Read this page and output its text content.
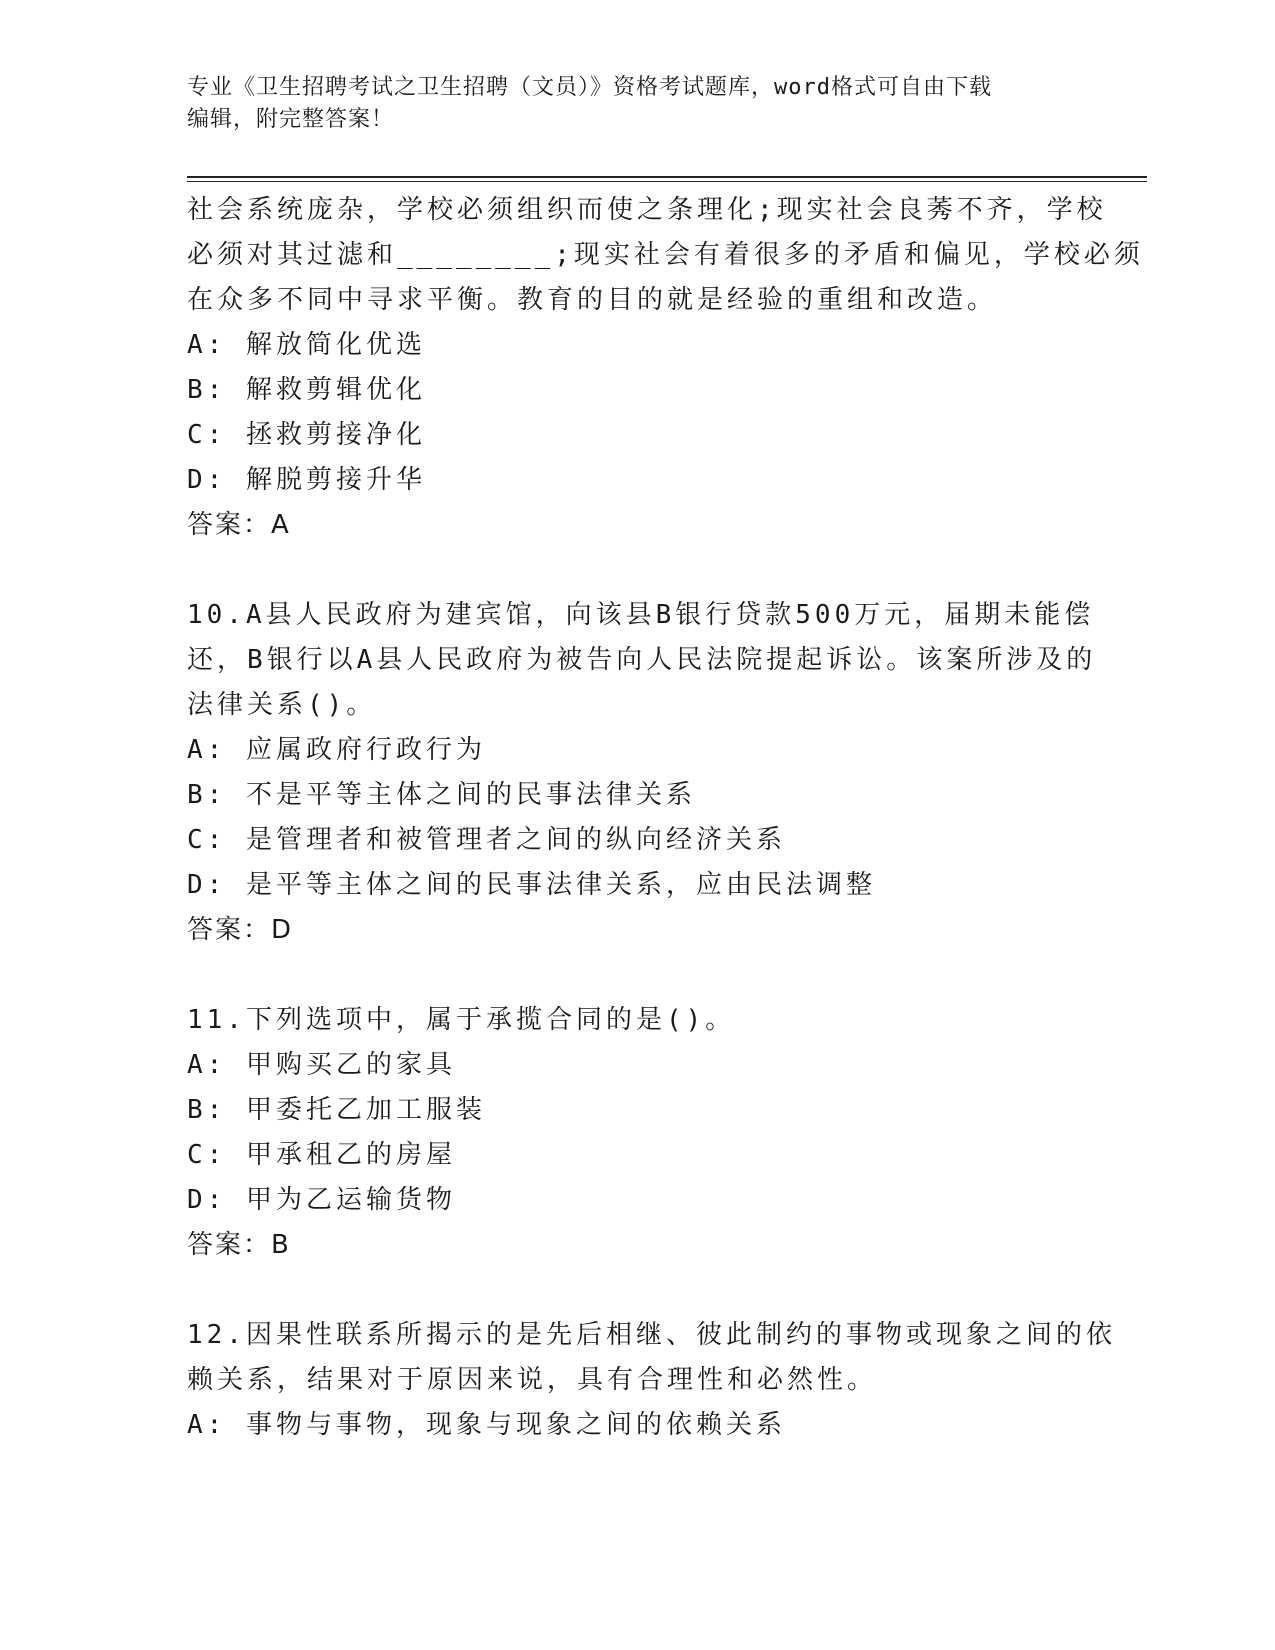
专业《卫生招聘考试之卫生招聘（文员）》资格考试题库，word格式可自由下载
编辑，附完整答案！
社会系统庞杂，学校必须组织而使之条理化;现实社会良莠不齐，学校
必须对其过滤和________;现实社会有着很多的矛盾和偏见，学校必须
在众多不同中寻求平衡。教育的目的就是经验的重组和改造。
A: 解放简化优选
B: 解救剪辑优化
C: 拯救剪接净化
D: 解脱剪接升华
答案：A
10.A县人民政府为建宾馆，向该县B银行贷款500万元，届期未能偿
还，B银行以A县人民政府为被告向人民法院提起诉讼。该案所涉及的
法律关系()。
A: 应属政府行政行为
B: 不是平等主体之间的民事法律关系
C: 是管理者和被管理者之间的纵向经济关系
D: 是平等主体之间的民事法律关系，应由民法调整
答案：D
11.下列选项中，属于承揽合同的是()。
A: 甲购买乙的家具
B: 甲委托乙加工服装
C: 甲承租乙的房屋
D: 甲为乙运输货物
答案：B
12.因果性联系所揭示的是先后相继、彼此制约的事物或现象之间的依
赖关系，结果对于原因来说，具有合理性和必然性。
A: 事物与事物，现象与现象之间的依赖关系
